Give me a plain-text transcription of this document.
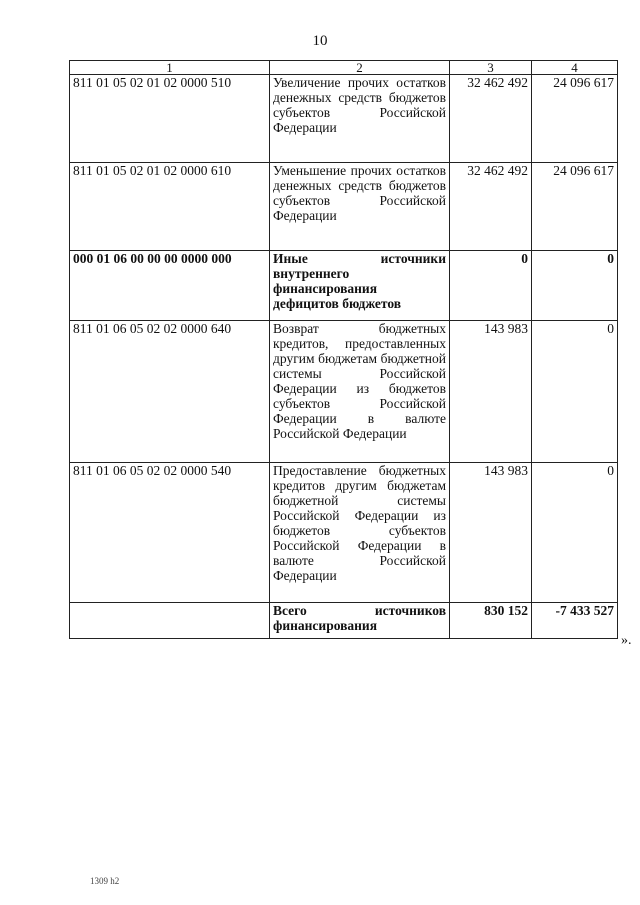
10
1	2	3	4
811 01 05 02 01 02 0000 510	Увеличение прочих остатков денежных средств бюджетов субъектов Российской Федерации	32 462 492	24 096 617
811 01 05 02 01 02 0000 610	Уменьшение прочих остатков денежных средств бюджетов субъектов Российской Федерации	32 462 492	24 096 617
000 01 06 00 00 00 0000 000	Иные источники внутреннего финансирования дефицитов бюджетов	0	0
811 01 06 05 02 02 0000 640	Возврат бюджетных кредитов, предоставленных другим бюджетам бюджетной системы Российской Федерации из бюджетов субъектов Российской Федерации в валюте Российской Федерации	143 983	0
811 01 06 05 02 02 0000 540	Предоставление бюджетных кредитов другим бюджетам бюджетной системы Российской Федерации из бюджетов субъектов Российской Федерации в валюте Российской Федерации	143 983	0
	Всего источников финансирования	830 152	-7 433 527
».
1309 h2
